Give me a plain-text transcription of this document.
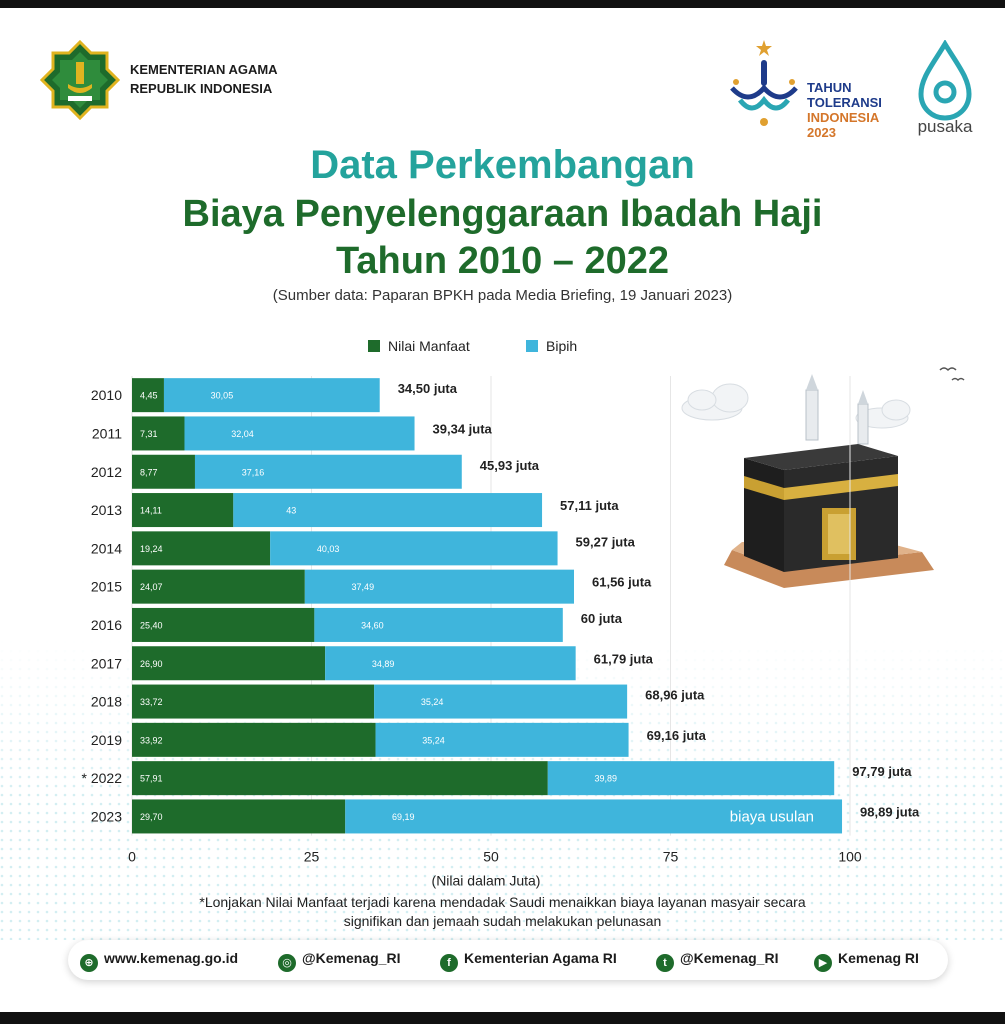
KEMENTERIAN AGAMA
REPUBLIK INDONESIA	TAHUN
TOLERANSI
INDONESIA
2023	pusaka
Data Perkembangan
Biaya Penyelenggaraan Ibadah Haji
Tahun 2010 – 2022
(Sumber data: Paparan BPKH pada Media Briefing, 19 Januari 2023)
Nilai Manfaat	Bipih
2010 4,45	30,05	34,50 juta
2011 7,31	32,04	39,34 juta
2012 8,77	37,16	45,93 juta
2013 14,11	43	57,11 juta
2014 19,24	40,03	59,27 juta
2015 24,07	37,49	61,56 juta
2016 25,40	34,60	60 juta
2017 26,90	34,89	61,79 juta
2018 33,72	35,24	68,96 juta
2019 33,92	35,24	69,16 juta
* 2022 57,91	39,89	97,79 juta
2023 29,70	69,19	98,89 juta
biaya usulan
0	25	50	75	100
(Nilai dalam Juta)
*Lonjakan Nilai Manfaat terjadi karena mendadak Saudi menaikkan biaya layanan masyair secara
signifikan dan jemaah sudah melakukan pelunasan
⊕ www.kemenag.go.id	◎ @Kemenag_RI	f Kementerian Agama RI	t @Kemenag_RI	▶ Kemenag RI
